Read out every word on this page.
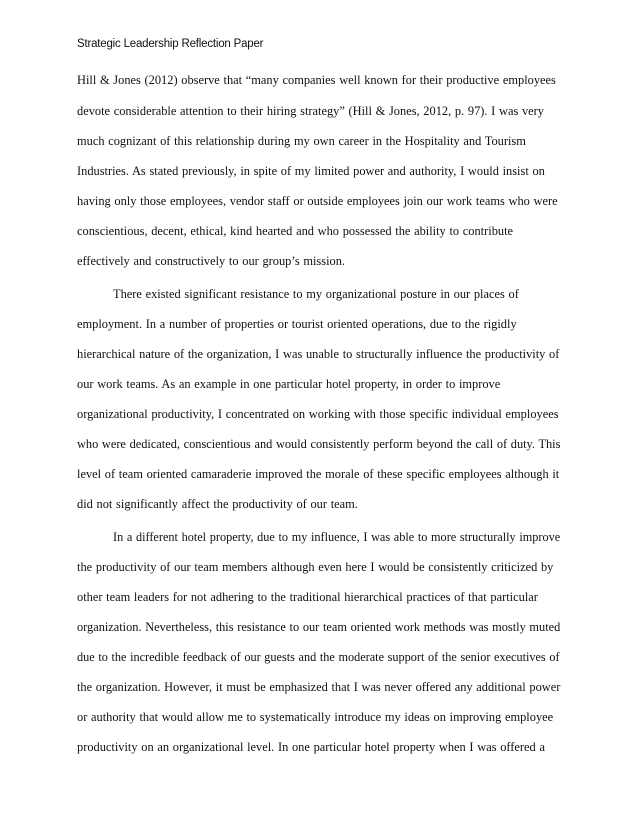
Strategic Leadership Reflection Paper
Hill & Jones (2012) observe that “many companies well known for their productive employees
devote considerable attention to their hiring strategy” (Hill & Jones, 2012, p. 97). I was very
much cognizant of this relationship during my own career in the Hospitality and Tourism
Industries. As stated previously, in spite of my limited power and authority, I would insist on
having only those employees, vendor staff or outside employees join our work teams who were
conscientious, decent, ethical, kind hearted and who possessed the ability to contribute
effectively and constructively to our group’s mission.
There existed significant resistance to my organizational posture in our places of
employment. In a number of properties or tourist oriented operations, due to the rigidly
hierarchical nature of the organization, I was unable to structurally influence the productivity of
our work teams. As an example in one particular hotel property, in order to improve
organizational productivity, I concentrated on working with those specific individual employees
who were dedicated, conscientious and would consistently perform beyond the call of duty. This
level of team oriented camaraderie improved the morale of these specific employees although it
did not significantly affect the productivity of our team.
In a different hotel property, due to my influence, I was able to more structurally improve
the productivity of our team members although even here I would be consistently criticized by
other team leaders for not adhering to the traditional hierarchical practices of that particular
organization. Nevertheless, this resistance to our team oriented work methods was mostly muted
due to the incredible feedback of our guests and the moderate support of the senior executives of
the organization. However, it must be emphasized that I was never offered any additional power
or authority that would allow me to systematically introduce my ideas on improving employee
productivity on an organizational level. In one particular hotel property when I was offered a
